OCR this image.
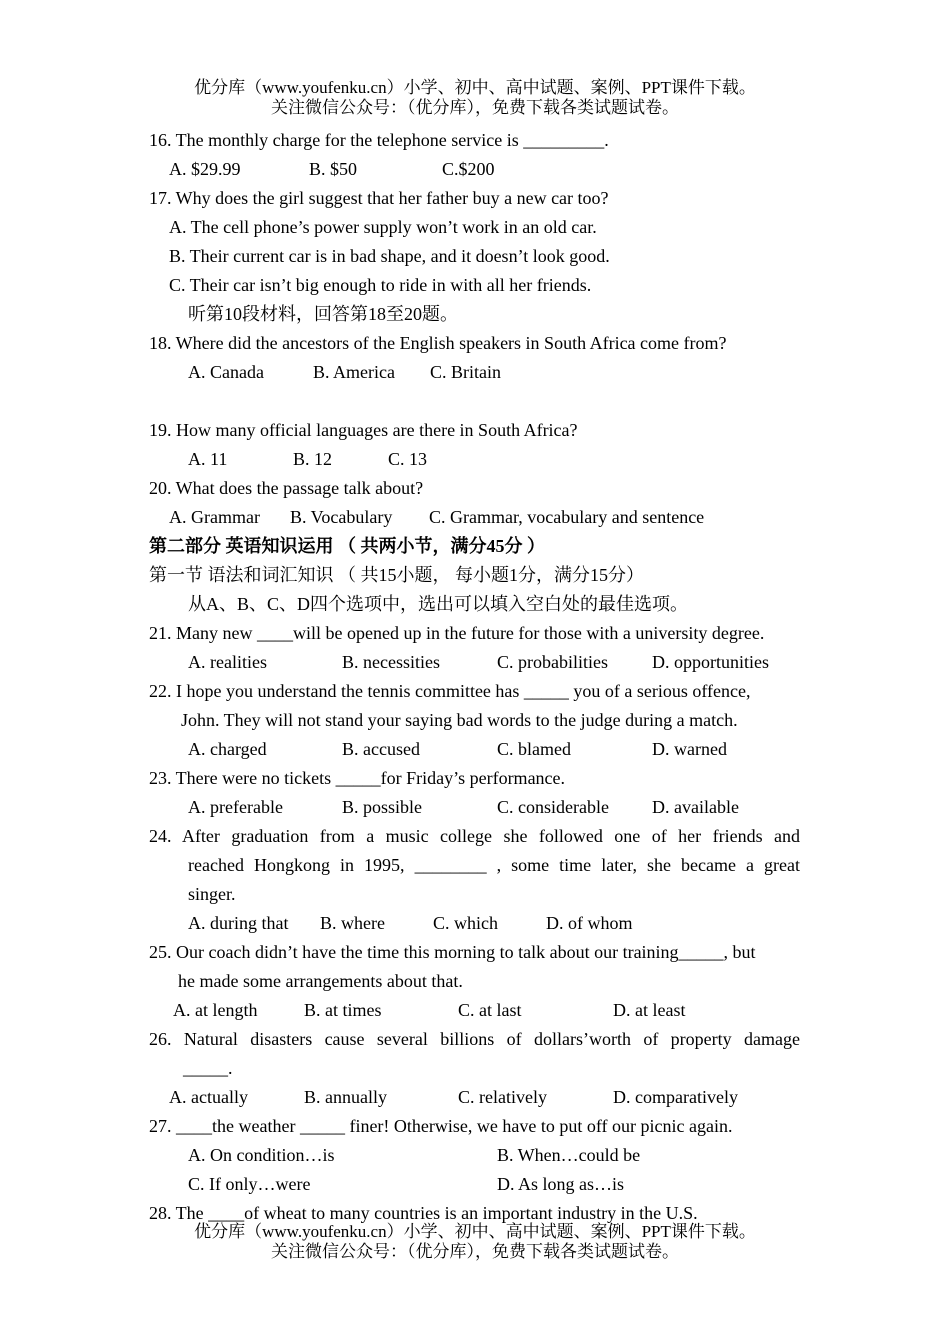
优分库（www.youfenku.cn）小学、初中、高中试题、案例、PPT课件下载。
关注微信公众号：（优分库），免费下载各类试题试卷。
16. The monthly charge for the telephone service is _________.
A. $29.99	B. $50	C.$200
17. Why does the girl suggest that her father buy a new car too?
A. The cell phone’s power supply won’t work in an old car.
B. Their current car is in bad shape, and it doesn’t look good.
C. Their car isn’t big enough to ride in with all her friends.
听第10段材料，回答第18至20题。
18. Where did the ancestors of the English speakers in South Africa come from?
A. Canada	B. America C. Britain
19. How many official languages are there in South Africa?
A. 11	B. 12	C. 13
20. What does the passage talk about?
A. Grammar B. Vocabulary C. Grammar, vocabulary and sentence
第二部分 英语知识运用 （ 共两小节，满分45分 ）
第一节 语法和词汇知识 （ 共15小题， 每小题1分，满分15分）
从A、B、C、D四个选项中，选出可以填入空白处的最佳选项。
21. Many new ____will be opened up in the future for those with a university degree.
A. realities	B. necessities	C. probabilities D. opportunities
22. I hope you understand the tennis committee has _____ you of a serious offence,
John. They will not stand your saying bad words to the judge during a match.
A. charged	B. accused	C. blamed	D. warned
23. There were no tickets _____for Friday’s performance.
A. preferable	B. possible	C. considerable D. available
24. After graduation from a music college she followed one of her friends and
reached Hongkong in 1995, ________ , some time later, she became a great
singer.
A. during that B. where	C. which	D. of whom
25. Our coach didn’t have the time this morning to talk about our training_____, but
he made some arrangements about that.
A. at length	B. at times	C. at last	D. at least
26. Natural disasters cause several billions of dollars’worth of property damage
_____.
A. actually	B. annually	C. relatively	D. comparatively
27. ____the weather _____ finer! Otherwise, we have to put off our picnic again.
A. On condition…is	B. When…could be
C. If only…were	D. As long as…is
28. The ____of wheat to many countries is an important industry in the U.S.
优分库（www.youfenku.cn）小学、初中、高中试题、案例、PPT课件下载。
关注微信公众号：（优分库），免费下载各类试题试卷。
